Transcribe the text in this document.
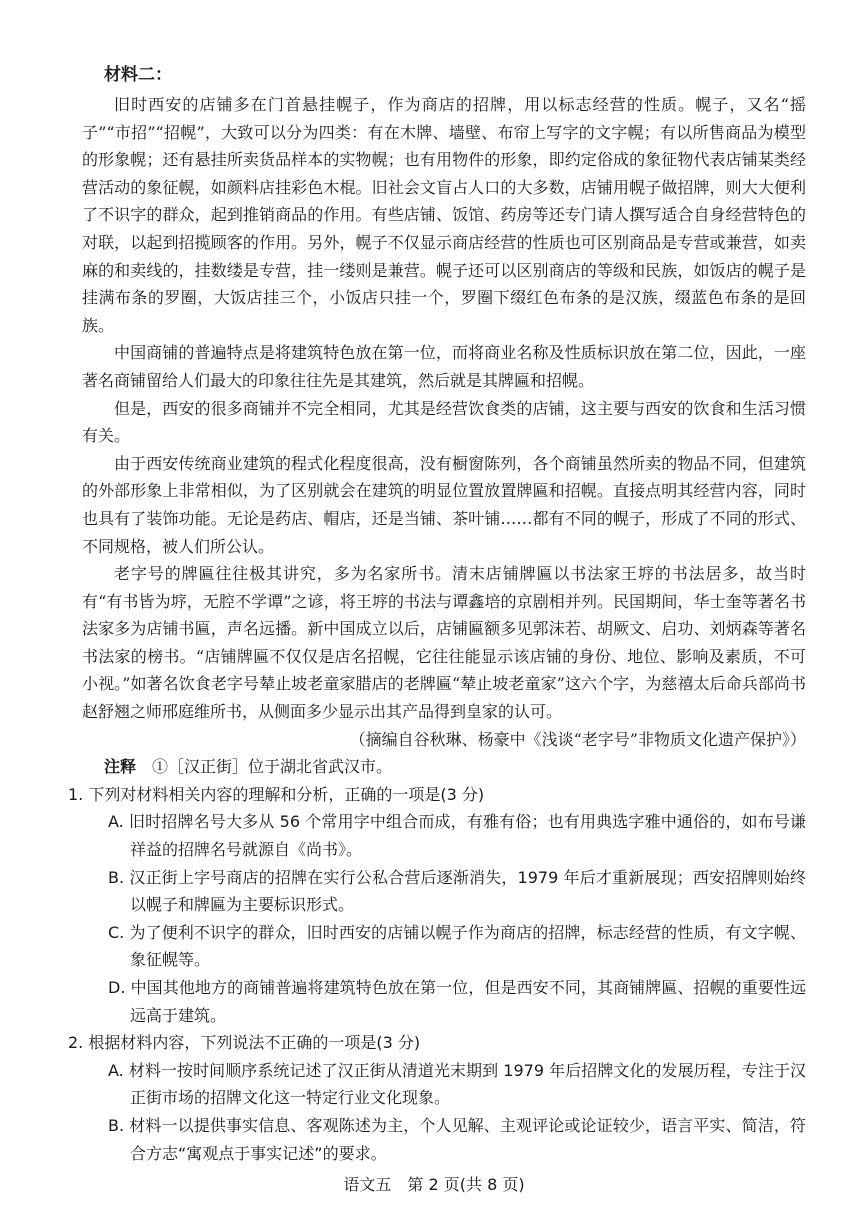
材料二：

旧时西安的店铺多在门首悬挂幌子，作为商店的招牌，用以标志经营的性质。幌子，又名“摇子”“市招”“招幌”，大致可以分为四类：有在木牌、墙壁、布帘上写字的文字幌；有以所售商品为模型的形象幌；还有悬挂所卖货品样本的实物幌；也有用物件的形象，即约定俗成的象征物代表店铺某类经营活动的象征幌，如颜料店挂彩色木棍。旧社会文盲占人口的大多数，店铺用幌子做招牌，则大大便利了不识字的群众，起到推销商品的作用。有些店铺、饭馆、药房等还专门请人撰写适合自身经营特色的对联，以起到招揽顾客的作用。另外，幌子不仅显示商店经营的性质也可区别商品是专营或兼营，如卖麻的和卖线的，挂数缕是专营，挂一缕则是兼营。幌子还可以区别商店的等级和民族，如饭店的幌子是挂满布条的罗圈，大饭店挂三个，小饭店只挂一个，罗圈下缀红色布条的是汉族，缀蓝色布条的是回族。

中国商铺的普遍特点是将建筑特色放在第一位，而将商业名称及性质标识放在第二位，因此，一座著名商铺留给人们最大的印象往往先是其建筑，然后就是其牌匾和招幌。

但是，西安的很多商铺并不完全相同，尤其是经营饮食类的店铺，这主要与西安的饮食和生活习惯有关。

由于西安传统商业建筑的程式化程度很高，没有橱窗陈列，各个商铺虽然所卖的物品不同，但建筑的外部形象上非常相似，为了区别就会在建筑的明显位置放置牌匾和招幌。直接点明其经营内容，同时也具有了装饰功能。无论是药店、帽店，还是当铺、茶叶铺……都有不同的幌子，形成了不同的形式、不同规格，被人们所公认。

老字号的牌匾往往极其讲究，多为名家所书。清末店铺牌匾以书法家王垿的书法居多，故当时有“有书皆为垿，无腔不学谭”之谚，将王垿的书法与谭鑫培的京剧相并列。民国期间，华士奎等著名书法家多为店铺书匾，声名远播。新中国成立以后，店铺匾额多见郭沫若、胡厥文、启功、刘炳森等著名书法家的榜书。“店铺牌匾不仅仅是店名招幌，它往往能显示该店铺的身份、地位、影响及素质，不可小视。”如著名饮食老字号辇止坡老童家腊店的老牌匾“辇止坡老童家”这六个字，为慈禧太后命兵部尚书赵舒翘之师邢庭维所书，从侧面多少显示出其产品得到皇家的认可。

（摘编自谷秋琳、杨豪中《浅谈“老字号”非物质文化遗产保护》）

注释 ①［汉正街］位于湖北省武汉市。

1. 下列对材料相关内容的理解和分析，正确的一项是(3 分)

A. 旧时招牌名号大多从 56 个常用字中组合而成，有雅有俗；也有用典选字雅中通俗的，如布号谦祥益的招牌名号就源自《尚书》。

B. 汉正街上字号商店的招牌在实行公私合营后逐渐消失，1979 年后才重新展现；西安招牌则始终以幌子和牌匾为主要标识形式。

C. 为了便利不识字的群众，旧时西安的店铺以幌子作为商店的招牌，标志经营的性质，有文字幌、象征幌等。

D. 中国其他地方的商铺普遍将建筑特色放在第一位，但是西安不同，其商铺牌匾、招幌的重要性远远高于建筑。

2. 根据材料内容，下列说法不正确的一项是(3 分)

A. 材料一按时间顺序系统记述了汉正街从清道光末期到 1979 年后招牌文化的发展历程，专注于汉正街市场的招牌文化这一特定行业文化现象。

B. 材料一以提供事实信息、客观陈述为主，个人见解、主观评论或论证较少，语言平实、简洁，符合方志“寓观点于事实记述”的要求。

语文五　第 2 页(共 8 页)
